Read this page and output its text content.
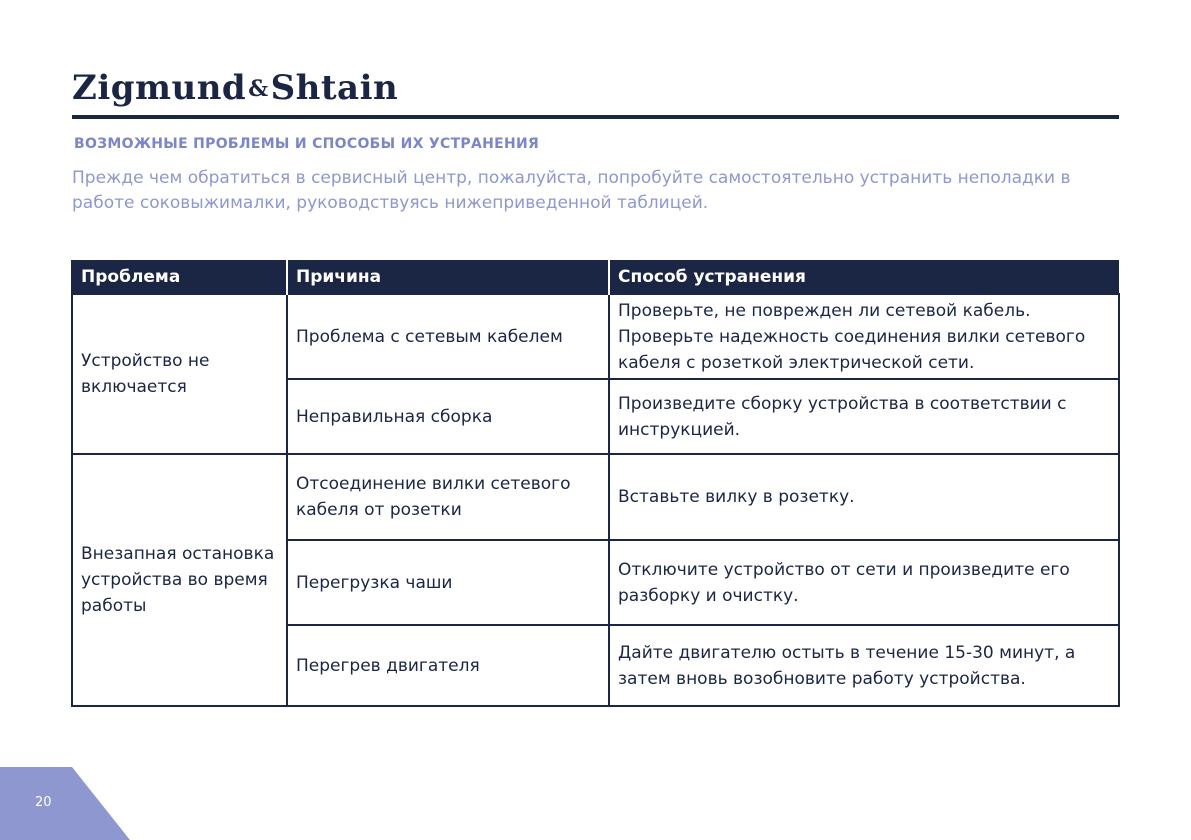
Zigmund&Shtain
ВОЗМОЖНЫЕ ПРОБЛЕМЫ И СПОСОБЫ ИХ УСТРАНЕНИЯ
Прежде чем обратиться в сервисный центр, пожалуйста, попробуйте самостоятельно устранить неполадки в работе соковыжималки, руководствуясь нижеприведенной таблицей.
Проблема	Причина	Способ устранения
Устройство не включается	Проблема с сетевым кабелем	Проверьте, не поврежден ли сетевой кабель. Проверьте надежность соединения вилки сетевого кабеля с розеткой электрической сети.
	Неправильная сборка	Произведите сборку устройства в соответствии с инструкцией.
Внезапная остановка устройства во время работы	Отсоединение вилки сетевого кабеля от розетки	Вставьте вилку в розетку.
	Перегрузка чаши	Отключите устройство от сети и произведите его разборку и очистку.
	Перегрев двигателя	Дайте двигателю остыть в течение 15-30 минут, а затем вновь возобновите работу устройства.
20
